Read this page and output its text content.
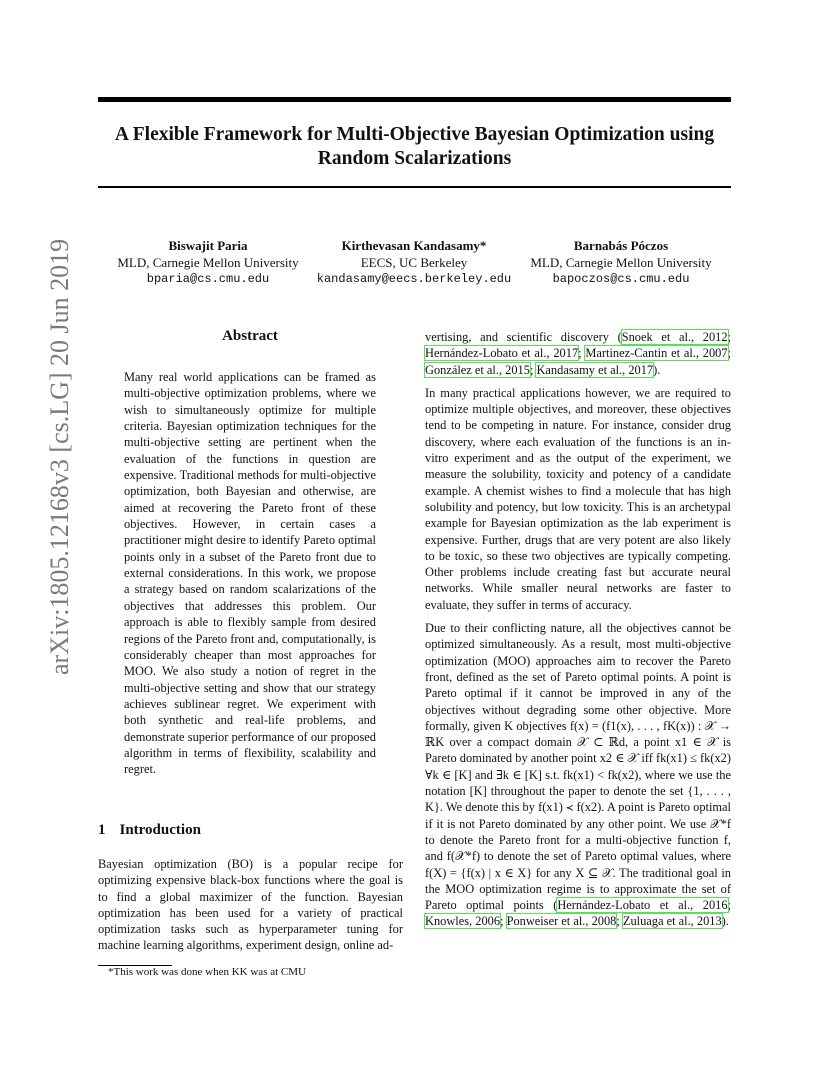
A Flexible Framework for Multi-Objective Bayesian Optimization using
Random Scalarizations
Biswajit Paria
MLD, Carnegie Mellon University
bparia@cs.cmu.edu
Kirthevasan Kandasamy*
EECS, UC Berkeley
kandasamy@eecs.berkeley.edu
Barnabás Póczos
MLD, Carnegie Mellon University
bapoczos@cs.cmu.edu
arXiv:1805.12168v3 [cs.LG] 20 Jun 2019	Abstract
Many real world applications can be framed as multi-objective optimization problems, where we wish to simultaneously optimize for multiple criteria. Bayesian optimization techniques for the multi-objective setting are pertinent when the evaluation of the functions in question are expensive. Traditional methods for multi-objective optimization, both Bayesian and otherwise, are aimed at recovering the Pareto front of these objectives. However, in certain cases a practitioner might desire to identify Pareto optimal points only in a subset of the Pareto front due to external considerations. In this work, we propose a strategy based on random scalarizations of the objectives that addresses this problem. Our approach is able to flexibly sample from desired regions of the Pareto front and, computationally, is considerably cheaper than most approaches for MOO. We also study a notion of regret in the multi-objective setting and show that our strategy achieves sublinear regret. We experiment with both synthetic and real-life problems, and demonstrate superior performance of our proposed algorithm in terms of flexibility, scalability and regret.
1 Introduction
Bayesian optimization (BO) is a popular recipe for optimizing expensive black-box functions where the goal is to find a global maximizer of the function. Bayesian optimization has been used for a variety of practical optimization tasks such as hyperparameter tuning for machine learning algorithms, experiment design, online ad-
*This work was done when KK was at CMU

vertising, and scientific discovery (Snoek et al., 2012; Hernández-Lobato et al., 2017; Martinez-Cantin et al., 2007; González et al., 2015; Kandasamy et al., 2017).

In many practical applications however, we are required to optimize multiple objectives, and moreover, these objectives tend to be competing in nature. For instance, consider drug discovery, where each evaluation of the functions is an in-vitro experiment and as the output of the experiment, we measure the solubility, toxicity and potency of a candidate example. A chemist wishes to find a molecule that has high solubility and potency, but low toxicity. This is an archetypal example for Bayesian optimization as the lab experiment is expensive. Further, drugs that are very potent are also likely to be toxic, so these two objectives are typically competing. Other problems include creating fast but accurate neural networks. While smaller neural networks are faster to evaluate, they suffer in terms of accuracy.

Due to their conflicting nature, all the objectives cannot be optimized simultaneously. As a result, most multi-objective optimization (MOO) approaches aim to recover the Pareto front, defined as the set of Pareto optimal points. A point is Pareto optimal if it cannot be improved in any of the objectives without degrading some other objective. More formally, given K objectives f(x) = (f1(x), . . . , fK(x)) : 𝒳 → ℝK over a compact domain 𝒳 ⊂ ℝd, a point x1 ∈ 𝒳 is Pareto dominated by another point x2 ∈ 𝒳 iff fk(x1) ≤ fk(x2) ∀k ∈ [K] and ∃k ∈ [K] s.t. fk(x1) < fk(x2), where we use the notation [K] throughout the paper to denote the set {1, . . . , K}. We denote this by f(x1) ≺ f(x2). A point is Pareto optimal if it is not Pareto dominated by any other point. We use 𝒳*f to denote the Pareto front for a multi-objective function f, and f(𝒳*f) to denote the set of Pareto optimal values, where f(X) = {f(x) | x ∈ X} for any X ⊆ 𝒳. The traditional goal in the MOO optimization regime is to approximate the set of Pareto optimal points (Hernández-Lobato et al., 2016; Knowles, 2006; Ponweiser et al., 2008; Zuluaga et al., 2013).
